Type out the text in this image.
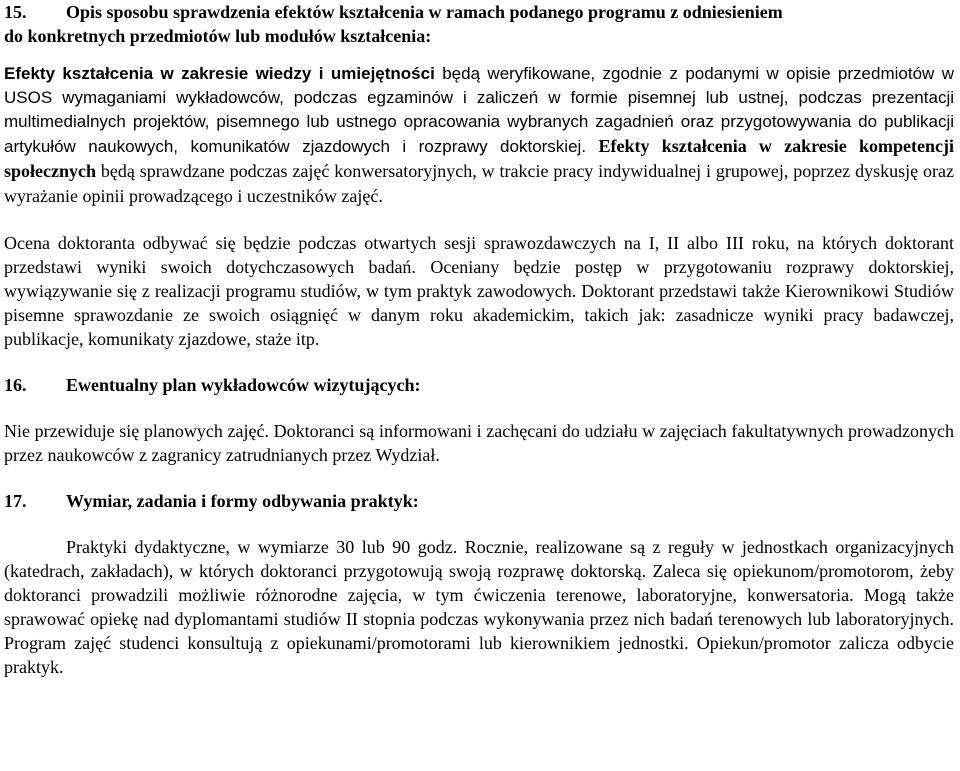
15.	Opis sposobu sprawdzenia efektów kształcenia w ramach podanego programu z odniesieniem
do konkretnych przedmiotów lub modułów kształcenia:

Efekty kształcenia w zakresie wiedzy i umiejętności będą weryfikowane, zgodnie z podanymi w opisie przedmiotów w USOS wymaganiami wykładowców, podczas egzaminów i zaliczeń w formie pisemnej lub ustnej, podczas prezentacji multimedialnych projektów, pisemnego lub ustnego opracowania wybranych zagadnień oraz przygotowywania do publikacji artykułów naukowych, komunikatów zjazdowych i rozprawy doktorskiej. Efekty kształcenia w zakresie kompetencji społecznych będą sprawdzane podczas zajęć konwersatoryjnych, w trakcie pracy indywidualnej i grupowej, poprzez dyskusję oraz wyrażanie opinii prowadzącego i uczestników zajęć.

Ocena doktoranta odbywać się będzie podczas otwartych sesji sprawozdawczych na I, II albo III roku, na których doktorant przedstawi wyniki swoich dotychczasowych badań. Oceniany będzie postęp w przygotowaniu rozprawy doktorskiej, wywiązywanie się z realizacji programu studiów, w tym praktyk zawodowych. Doktorant przedstawi także Kierownikowi Studiów pisemne sprawozdanie ze swoich osiągnięć w danym roku akademickim, takich jak: zasadnicze wyniki pracy badawczej, publikacje, komunikaty zjazdowe, staże itp.

16.	Ewentualny plan wykładowców wizytujących:

Nie przewiduje się planowych zajęć. Doktoranci są informowani i zachęcani do udziału w zajęciach fakultatywnych prowadzonych przez naukowców z zagranicy zatrudnianych przez Wydział.

17.	Wymiar, zadania i formy odbywania praktyk:

Praktyki dydaktyczne, w wymiarze 30 lub 90 godz. Rocznie, realizowane są z reguły w jednostkach organizacyjnych (katedrach, zakładach), w których doktoranci przygotowują swoją rozprawę doktorską. Zaleca się opiekunom/promotorom, żeby doktoranci prowadzili możliwie różnorodne zajęcia, w tym ćwiczenia terenowe, laboratoryjne, konwersatoria. Mogą także sprawować opiekę nad dyplomantami studiów II stopnia podczas wykonywania przez nich badań terenowych lub laboratoryjnych. Program zajęć studenci konsultują z opiekunami/promotorami lub kierownikiem jednostki. Opiekun/promotor zalicza odbycie praktyk.
